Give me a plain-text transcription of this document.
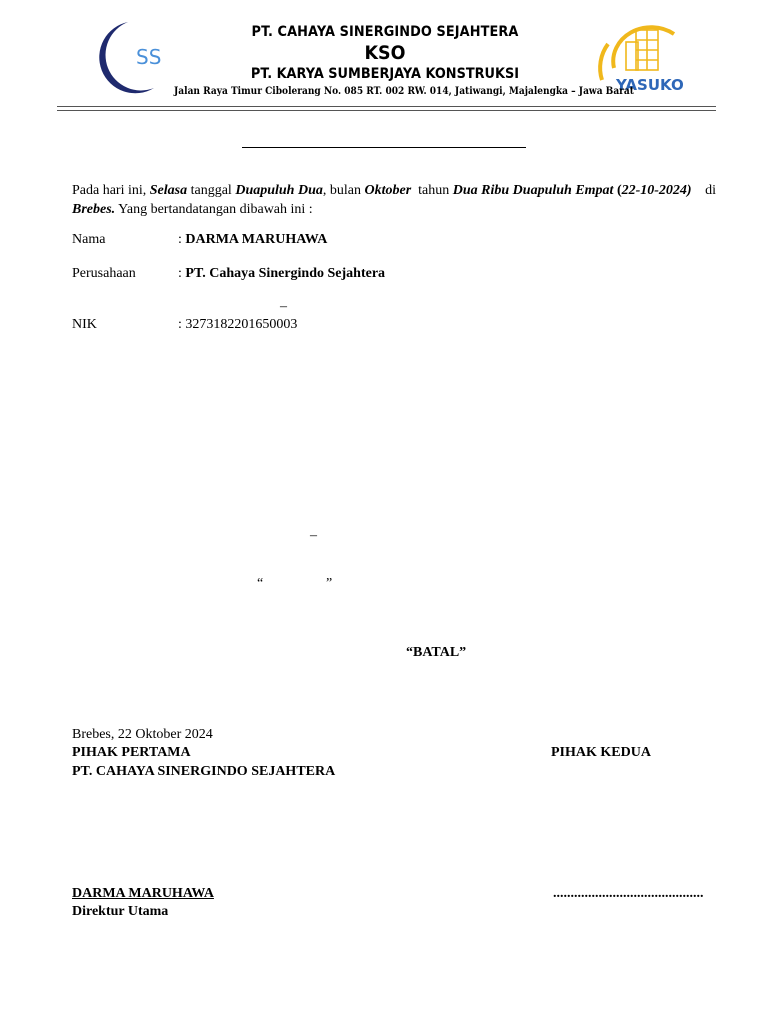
SS
YASUKO
PT. CAHAYA SINERGINDO SEJAHTERA
KSO
PT. KARYA SUMBERJAYA KONSTRUKSI
Jalan Raya Timur Cibolerang No. 085 RT. 002 RW. 014, Jatiwangi, Majalengka – Jawa Barat
Pada hari ini, Selasa tanggal Duapuluh Dua, bulan Oktober  tahun Dua Ribu Duapuluh Empat (22-10-2024) di
Brebes. Yang bertandatangan dibawah ini :
Nama	: DARMA MARUHAWA
Perusahaan	: PT. Cahaya Sinergindo Sejahtera
–
NIK	: 3273182201650003
–
“	”
“BATAL”
Brebes, 22 Oktober 2024
PIHAK PERTAMA	PIHAK KEDUA
PT. CAHAYA SINERGINDO SEJAHTERA
DARMA MARUHAWA	...........................................
Direktur Utama
